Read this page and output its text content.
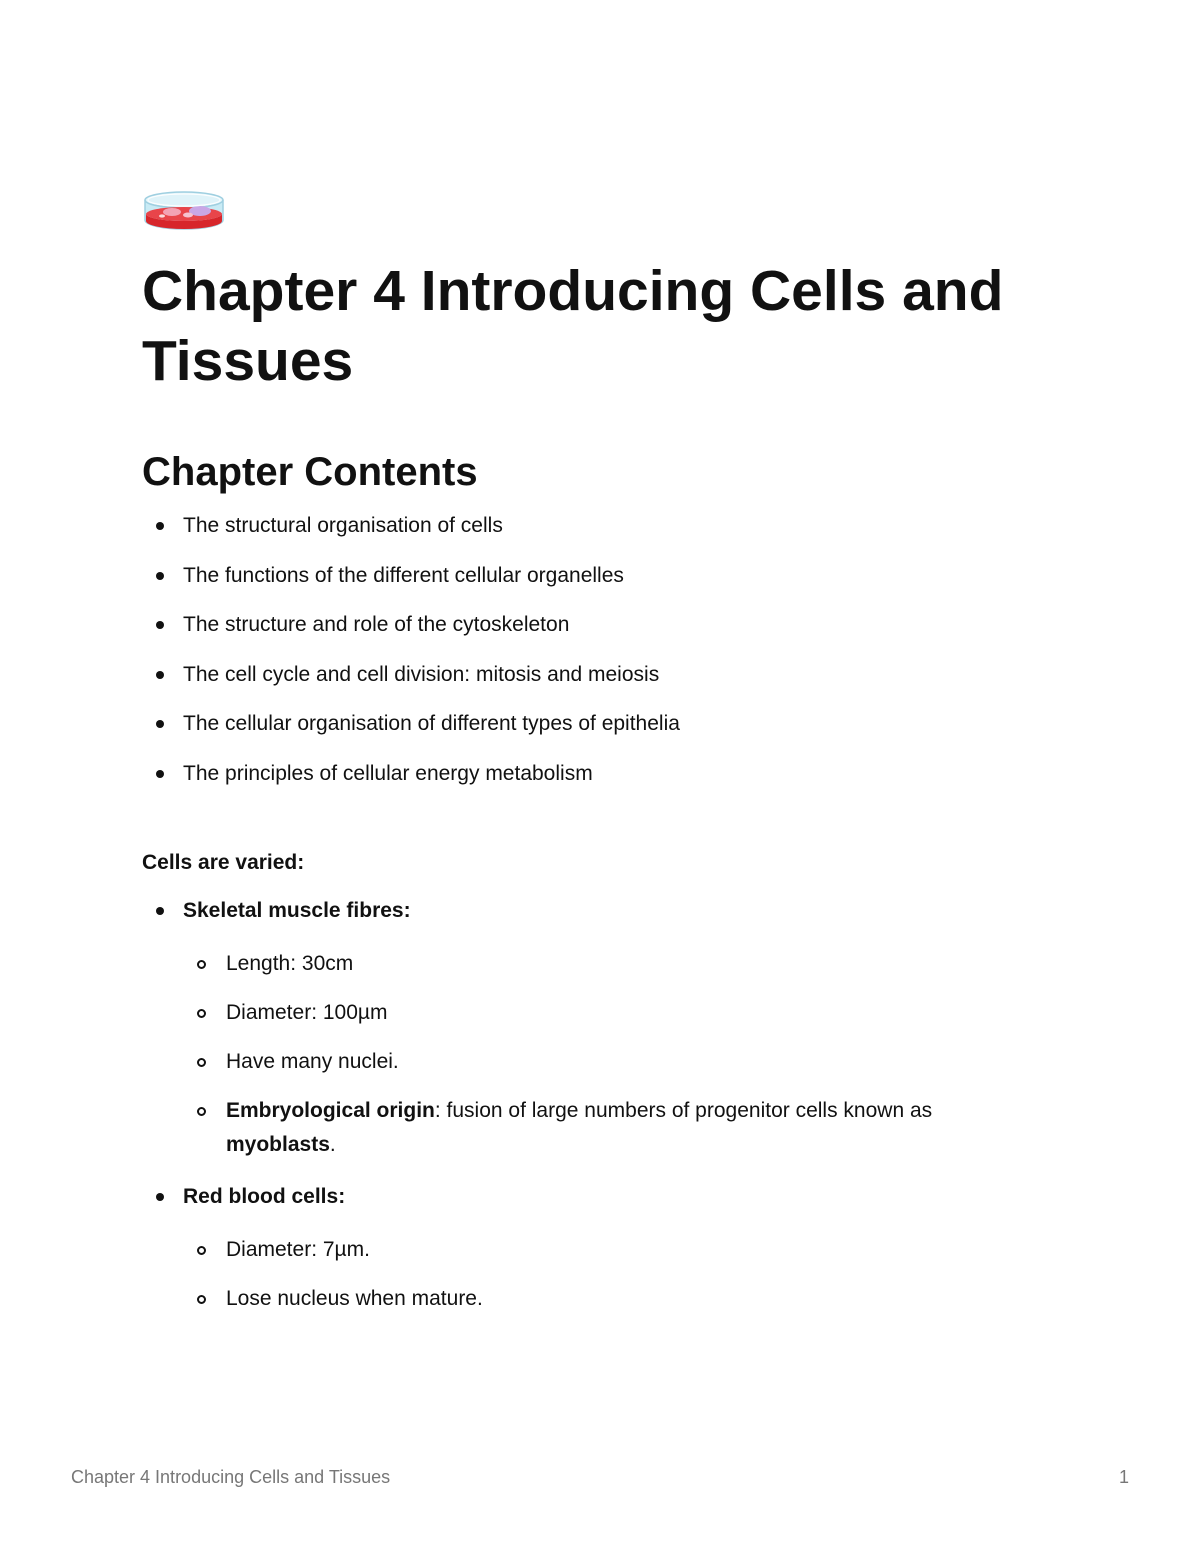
Chapter 4 Introducing Cells and Tissues
Chapter Contents
The structural organisation of cells
The functions of the different cellular organelles
The structure and role of the cytoskeleton
The cell cycle and cell division: mitosis and meiosis
The cellular organisation of different types of epithelia
The principles of cellular energy metabolism

Cells are varied:

Skeletal muscle fibres:
Length: 30cm
Diameter: 100µm
Have many nuclei.
Embryological origin: fusion of large numbers of progenitor cells known as myoblasts.
Red blood cells:
Diameter: 7µm.
Lose nucleus when mature.
Chapter 4 Introducing Cells and Tissues	1
